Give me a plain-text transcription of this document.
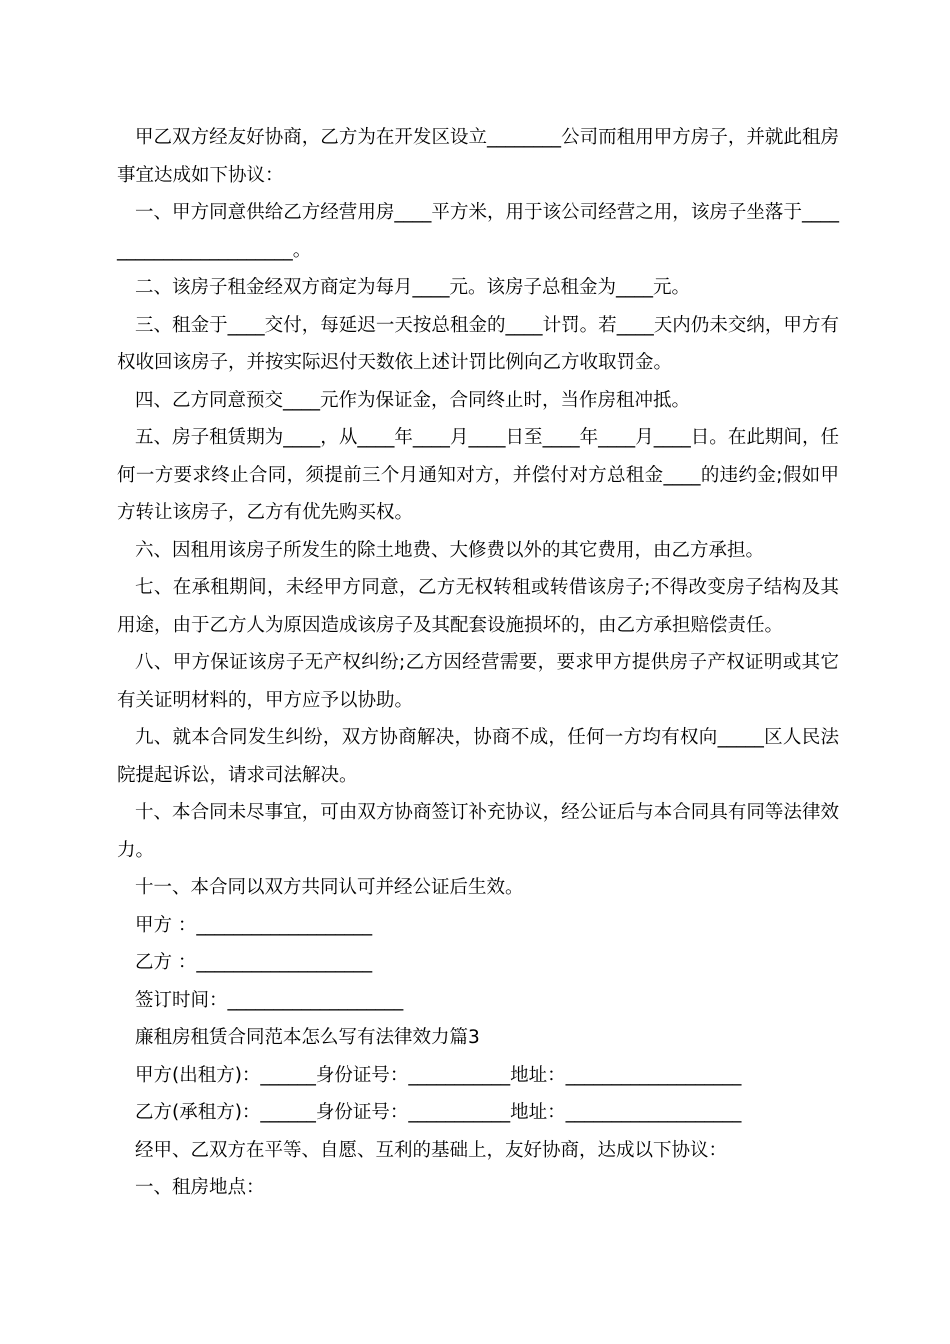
甲乙双方经友好协商，乙方为在开发区设立________公司而租用甲方房子，并就此租房事宜达成如下协议：

一、甲方同意供给乙方经营用房____平方米，用于该公司经营之用，该房子坐落于_______________________。

二、该房子租金经双方商定为每月____元。该房子总租金为____元。

三、租金于____交付，每延迟一天按总租金的____计罚。若____天内仍未交纳，甲方有权收回该房子，并按实际迟付天数依上述计罚比例向乙方收取罚金。

四、乙方同意预交____元作为保证金，合同终止时，当作房租冲抵。

五、房子租赁期为____，从____年____月____日至____年____月____日。在此期间，任何一方要求终止合同，须提前三个月通知对方，并偿付对方总租金____的违约金;假如甲方转让该房子，乙方有优先购买权。

六、因租用该房子所发生的除土地费、大修费以外的其它费用，由乙方承担。

七、在承租期间，未经甲方同意，乙方无权转租或转借该房子;不得改变房子结构及其用途，由于乙方人为原因造成该房子及其配套设施损坏的，由乙方承担赔偿责任。

八、甲方保证该房子无产权纠纷;乙方因经营需要，要求甲方提供房子产权证明或其它有关证明材料的，甲方应予以协助。

九、就本合同发生纠纷，双方协商解决，协商不成，任何一方均有权向_____区人民法院提起诉讼，请求司法解决。

十、本合同未尽事宜，可由双方协商签订补充协议，经公证后与本合同具有同等法律效力。

十一、本合同以双方共同认可并经公证后生效。

甲方 ：___________________

乙方 ：___________________

签订时间：___________________

廉租房租赁合同范本怎么写有法律效力篇3

甲方(出租方)：______身份证号：___________地址：___________________

乙方(承租方)：______身份证号：___________地址：___________________

经甲、乙双方在平等、自愿、互利的基础上，友好协商，达成以下协议：

一、租房地点：
